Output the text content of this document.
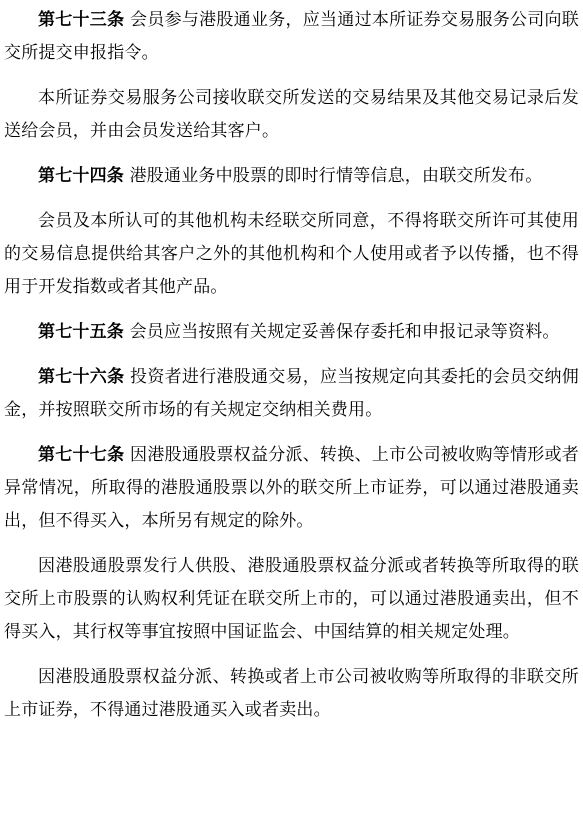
第七十三条 会员参与港股通业务，应当通过本所证券交易服务公司向联交所提交申报指令。

本所证券交易服务公司接收联交所发送的交易结果及其他交易记录后发送给会员，并由会员发送给其客户。

第七十四条 港股通业务中股票的即时行情等信息，由联交所发布。

会员及本所认可的其他机构未经联交所同意，不得将联交所许可其使用的交易信息提供给其客户之外的其他机构和个人使用或者予以传播，也不得用于开发指数或者其他产品。

第七十五条 会员应当按照有关规定妥善保存委托和申报记录等资料。

第七十六条 投资者进行港股通交易，应当按规定向其委托的会员交纳佣金，并按照联交所市场的有关规定交纳相关费用。

第七十七条 因港股通股票权益分派、转换、上市公司被收购等情形或者异常情况，所取得的港股通股票以外的联交所上市证券，可以通过港股通卖出，但不得买入，本所另有规定的除外。

因港股通股票发行人供股、港股通股票权益分派或者转换等所取得的联交所上市股票的认购权利凭证在联交所上市的，可以通过港股通卖出，但不得买入，其行权等事宜按照中国证监会、中国结算的相关规定处理。

因港股通股票权益分派、转换或者上市公司被收购等所取得的非联交所上市证券，不得通过港股通买入或者卖出。
